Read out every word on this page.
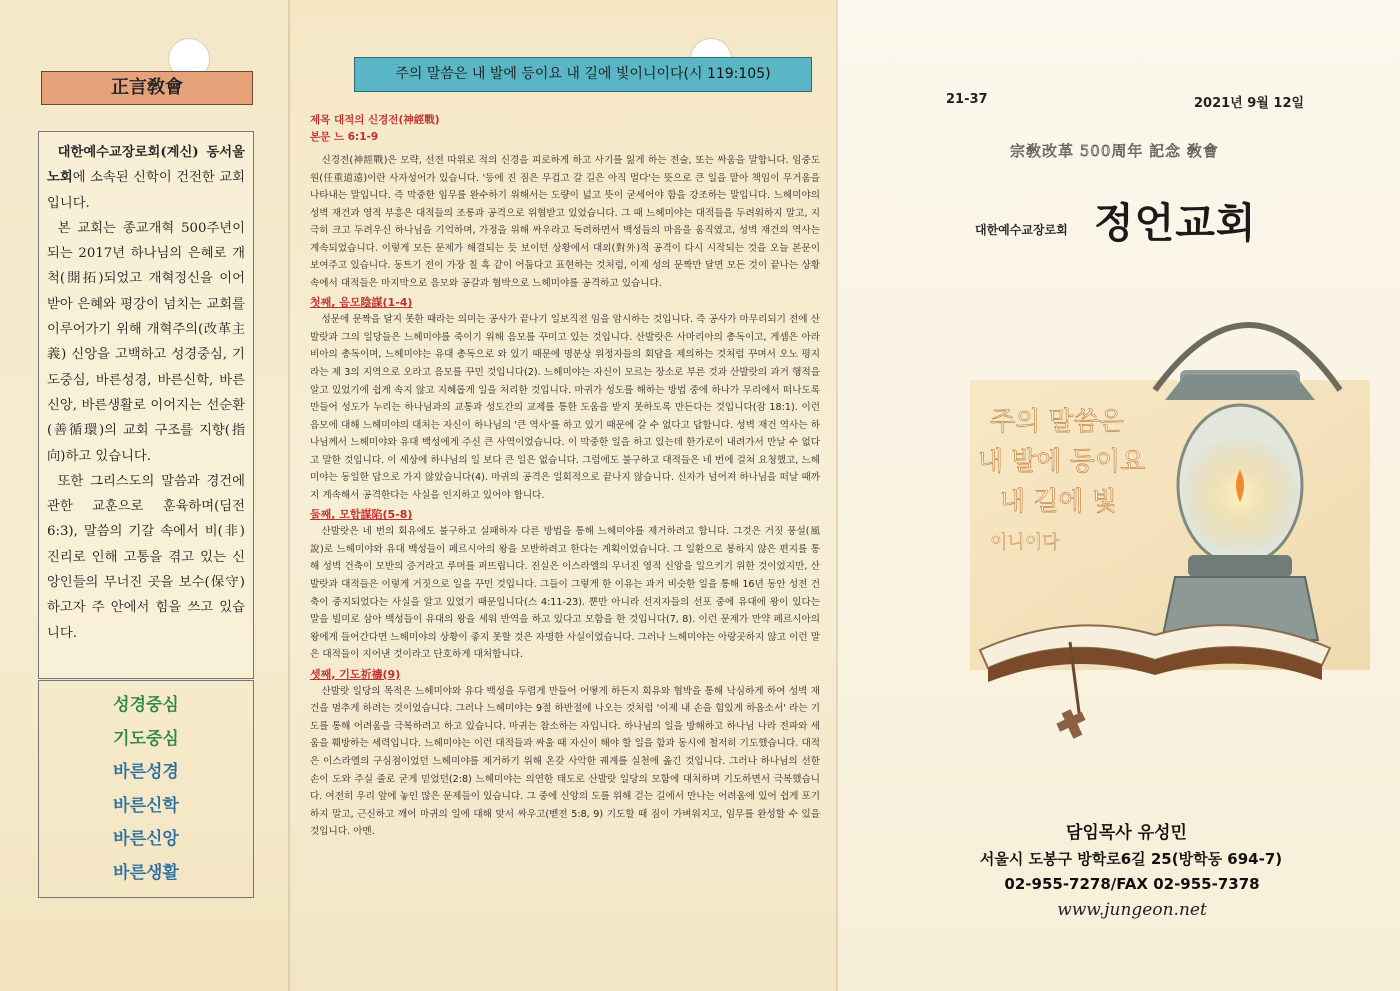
正言敎會

대한예수교장로회(계신) 동서울 노회에 소속된 신학이 건전한 교회입니다.

본 교회는 종교개혁 500주년이 되는 2017년 하나님의 은혜로 개척(開拓)되었고 개혁정신을 이어받아 은혜와 평강이 넘치는 교회를 이루어가기 위해 개혁주의(改革主義) 신앙을 고백하고 성경중심, 기도중심, 바른성경, 바른신학, 바른신앙, 바른생활로 이어지는 선순환(善循環)의 교회 구조를 지향(指向)하고 있습니다.

또한 그리스도의 말씀과 경건에 관한 교훈으로 훈육하며(딤전 6:3), 말씀의 기갈 속에서 비(非) 진리로 인해 고통을 겪고 있는 신앙인들의 무너진 곳을 보수(保守)하고자 주 안에서 힘을 쓰고 있습니다.

성경중심
기도중심
바른성경
바른신학
바른신앙
바른생활
주의 말씀은 내 발에 등이요 내 길에 빛이니이다(시 119:105)
제목 대적의 신경전(神經戰)
본문 느 6:1-9

신경전(神經戰)은 모략, 선전 따위로 적의 신경을 피로하게 하고 사기를 잃게 하는 전술, 또는 싸움을 말합니다. 임중도원(任重道遠)이란 사자성어가 있습니다. '등에 진 짐은 무겁고 갈 길은 아직 멀다'는 뜻으로 큰 일을 맡아 책임이 무거움을 나타내는 말입니다. 즉 막중한 임무를 완수하기 위해서는 도량이 넓고 뜻이 굳세어야 함을 강조하는 말입니다. 느헤미야의 성벽 재건과 영적 부흥은 대적들의 조롱과 공격으로 위협받고 있었습니다. 그 때 느헤미야는 대적들을 두려워하지 말고, 지극히 크고 두려우신 하나님을 기억하며, 가정을 위해 싸우라고 독려하면서 백성들의 마음을 움직였고, 성벽 재건의 역사는 계속되었습니다. 이렇게 모든 문제가 해결되는 듯 보이던 상황에서 대외(對外)적 공격이 다시 시작되는 것을 오늘 본문이 보여주고 있습니다. 동트기 전이 가장 칠 흑 같이 어둡다고 표현하는 것처럼, 이제 성의 문짝만 달면 모든 것이 끝나는 상황 속에서 대적들은 마지막으로 음모와 공갈과 협박으로 느헤미야를 공격하고 있습니다.

첫째, 음모陰謀(1-4)

성문에 문짝을 달지 못한 때라는 의미는 공사가 끝나기 일보직전 임을 암시하는 것입니다. 즉 공사가 마무리되기 전에 산발랏과 그의 일당들은 느헤미야를 죽이기 위해 음모를 꾸미고 있는 것입니다. 산발랏은 사마리아의 총독이고, 게셈은 아라비아의 총독이며, 느헤미야는 유대 총독으로 와 있기 때문에 명분상 위정자들의 회담을 제의하는 것처럼 꾸며서 오노 평지라는 제 3의 지역으로 오라고 음모를 꾸민 것입니다(2). 느헤미야는 자신이 모르는 장소로 부른 것과 산발랏의 과거 행적을 알고 있었기에 쉽게 속지 않고 지혜롭게 일을 처리한 것입니다. 마귀가 성도를 해하는 방법 중에 하나가 무리에서 떠나도록 만들어 성도가 누리는 하나님과의 교통과 성도간의 교제를 통한 도움을 받지 못하도록 만든다는 것입니다(잠 18:1). 이런 음모에 대해 느헤미야의 대처는 자신이 하나님의 '큰 역사'를 하고 있기 때문에 갈 수 없다고 답합니다. 성벽 재건 역사는 하나님께서 느헤미야와 유대 백성에게 주신 큰 사역이었습니다. 이 막중한 일을 하고 있는데 한가로이 내려가서 만날 수 없다고 말한 것입니다. 이 세상에 하나님의 일 보다 큰 일은 없습니다. 그럼에도 불구하고 대적들은 네 번에 걸쳐 요청했고, 느헤미야는 동일한 답으로 가지 않았습니다(4). 마귀의 공격은 일회적으로 끝나지 않습니다. 신자가 넘어져 하나님을 떠날 때까지 계속해서 공격한다는 사실을 인지하고 있어야 합니다.

둘째, 모함謀陷(5-8)

산발랏은 네 번의 회유에도 불구하고 실패하자 다른 방법을 통해 느헤미야를 제거하려고 합니다. 그것은 거짓 풍설(風說)로 느헤미야와 유대 백성들이 페르시아의 왕을 모반하려고 한다는 계획이었습니다. 그 일환으로 봉하지 않은 편지를 통해 성벽 건축이 모반의 증거라고 루머를 퍼뜨립니다. 진실은 이스라엘의 무너진 영적 신앙을 일으키기 위한 것이었지만, 산발랏과 대적들은 이렇게 거짓으로 일을 꾸민 것입니다. 그들이 그렇게 한 이유는 과거 비슷한 일을 통해 16년 동안 성전 건축이 중지되었다는 사실을 알고 있었기 때문입니다(스 4:11-23). 뿐만 아니라 선지자들의 선포 중에 유대에 왕이 있다는 말을 빌미로 삼아 백성들이 유대의 왕을 세워 반역을 하고 있다고 모함을 한 것입니다(7, 8). 이런 문제가 만약 페르시아의 왕에게 들어간다면 느헤미야의 상황이 좋지 못할 것은 자명한 사실이었습니다. 그러나 느헤미야는 아랑곳하지 않고 이런 말은 대적들이 지어낸 것이라고 단호하게 대처합니다.

셋째, 기도祈禱(9)

산발랏 일당의 목적은 느헤미야와 유다 백성을 두렵게 만들어 어떻게 하든지 회유와 협박을 통해 낙심하게 하여 성벽 재건을 멈추게 하려는 것이었습니다. 그러나 느헤미야는 9절 하반절에 나오는 것처럼 '이제 내 손을 힘있게 하옵소서' 라는 기도를 통해 어려움을 극복하려고 하고 있습니다. 마귀는 참소하는 자입니다. 하나님의 일을 방해하고 하나님 나라 전파와 세움을 훼방하는 세력입니다. 느헤미야는 이런 대적들과 싸울 때 자신이 해야 할 일을 함과 동시에 철저히 기도했습니다. 대적은 이스라엘의 구심점이었던 느헤미야를 제거하기 위해 온갖 사악한 궤계를 실천에 옮긴 것입니다. 그러나 하나님의 선한 손이 도와 주실 줄로 굳게 믿었던(2:8) 느헤미야는 의연한 태도로 산발랏 일당의 모함에 대처하며 기도하면서 극복했습니다. 여전히 우리 앞에 놓인 많은 문제들이 있습니다. 그 중에 신앙의 도를 위해 걷는 길에서 만나는 어려움에 있어 쉽게 포기하지 말고, 근신하고 깨어 마귀의 일에 대해 맞서 싸우고(벧전 5:8, 9) 기도할 때 짐이 가벼워지고, 임무를 완성할 수 있을 것입니다. 아멘.

21-37	2021년 9월 12일
宗敎改革 500周年 記念 敎會
대한예수교장로회 정언교회
주의 말씀은
내 발에 등이요
내 길에 빛
이니이다
담임목사 유성민
서울시 도봉구 방학로6길 25(방학동 694-7)
02-955-7278/FAX 02-955-7378
www.jungeon.net
